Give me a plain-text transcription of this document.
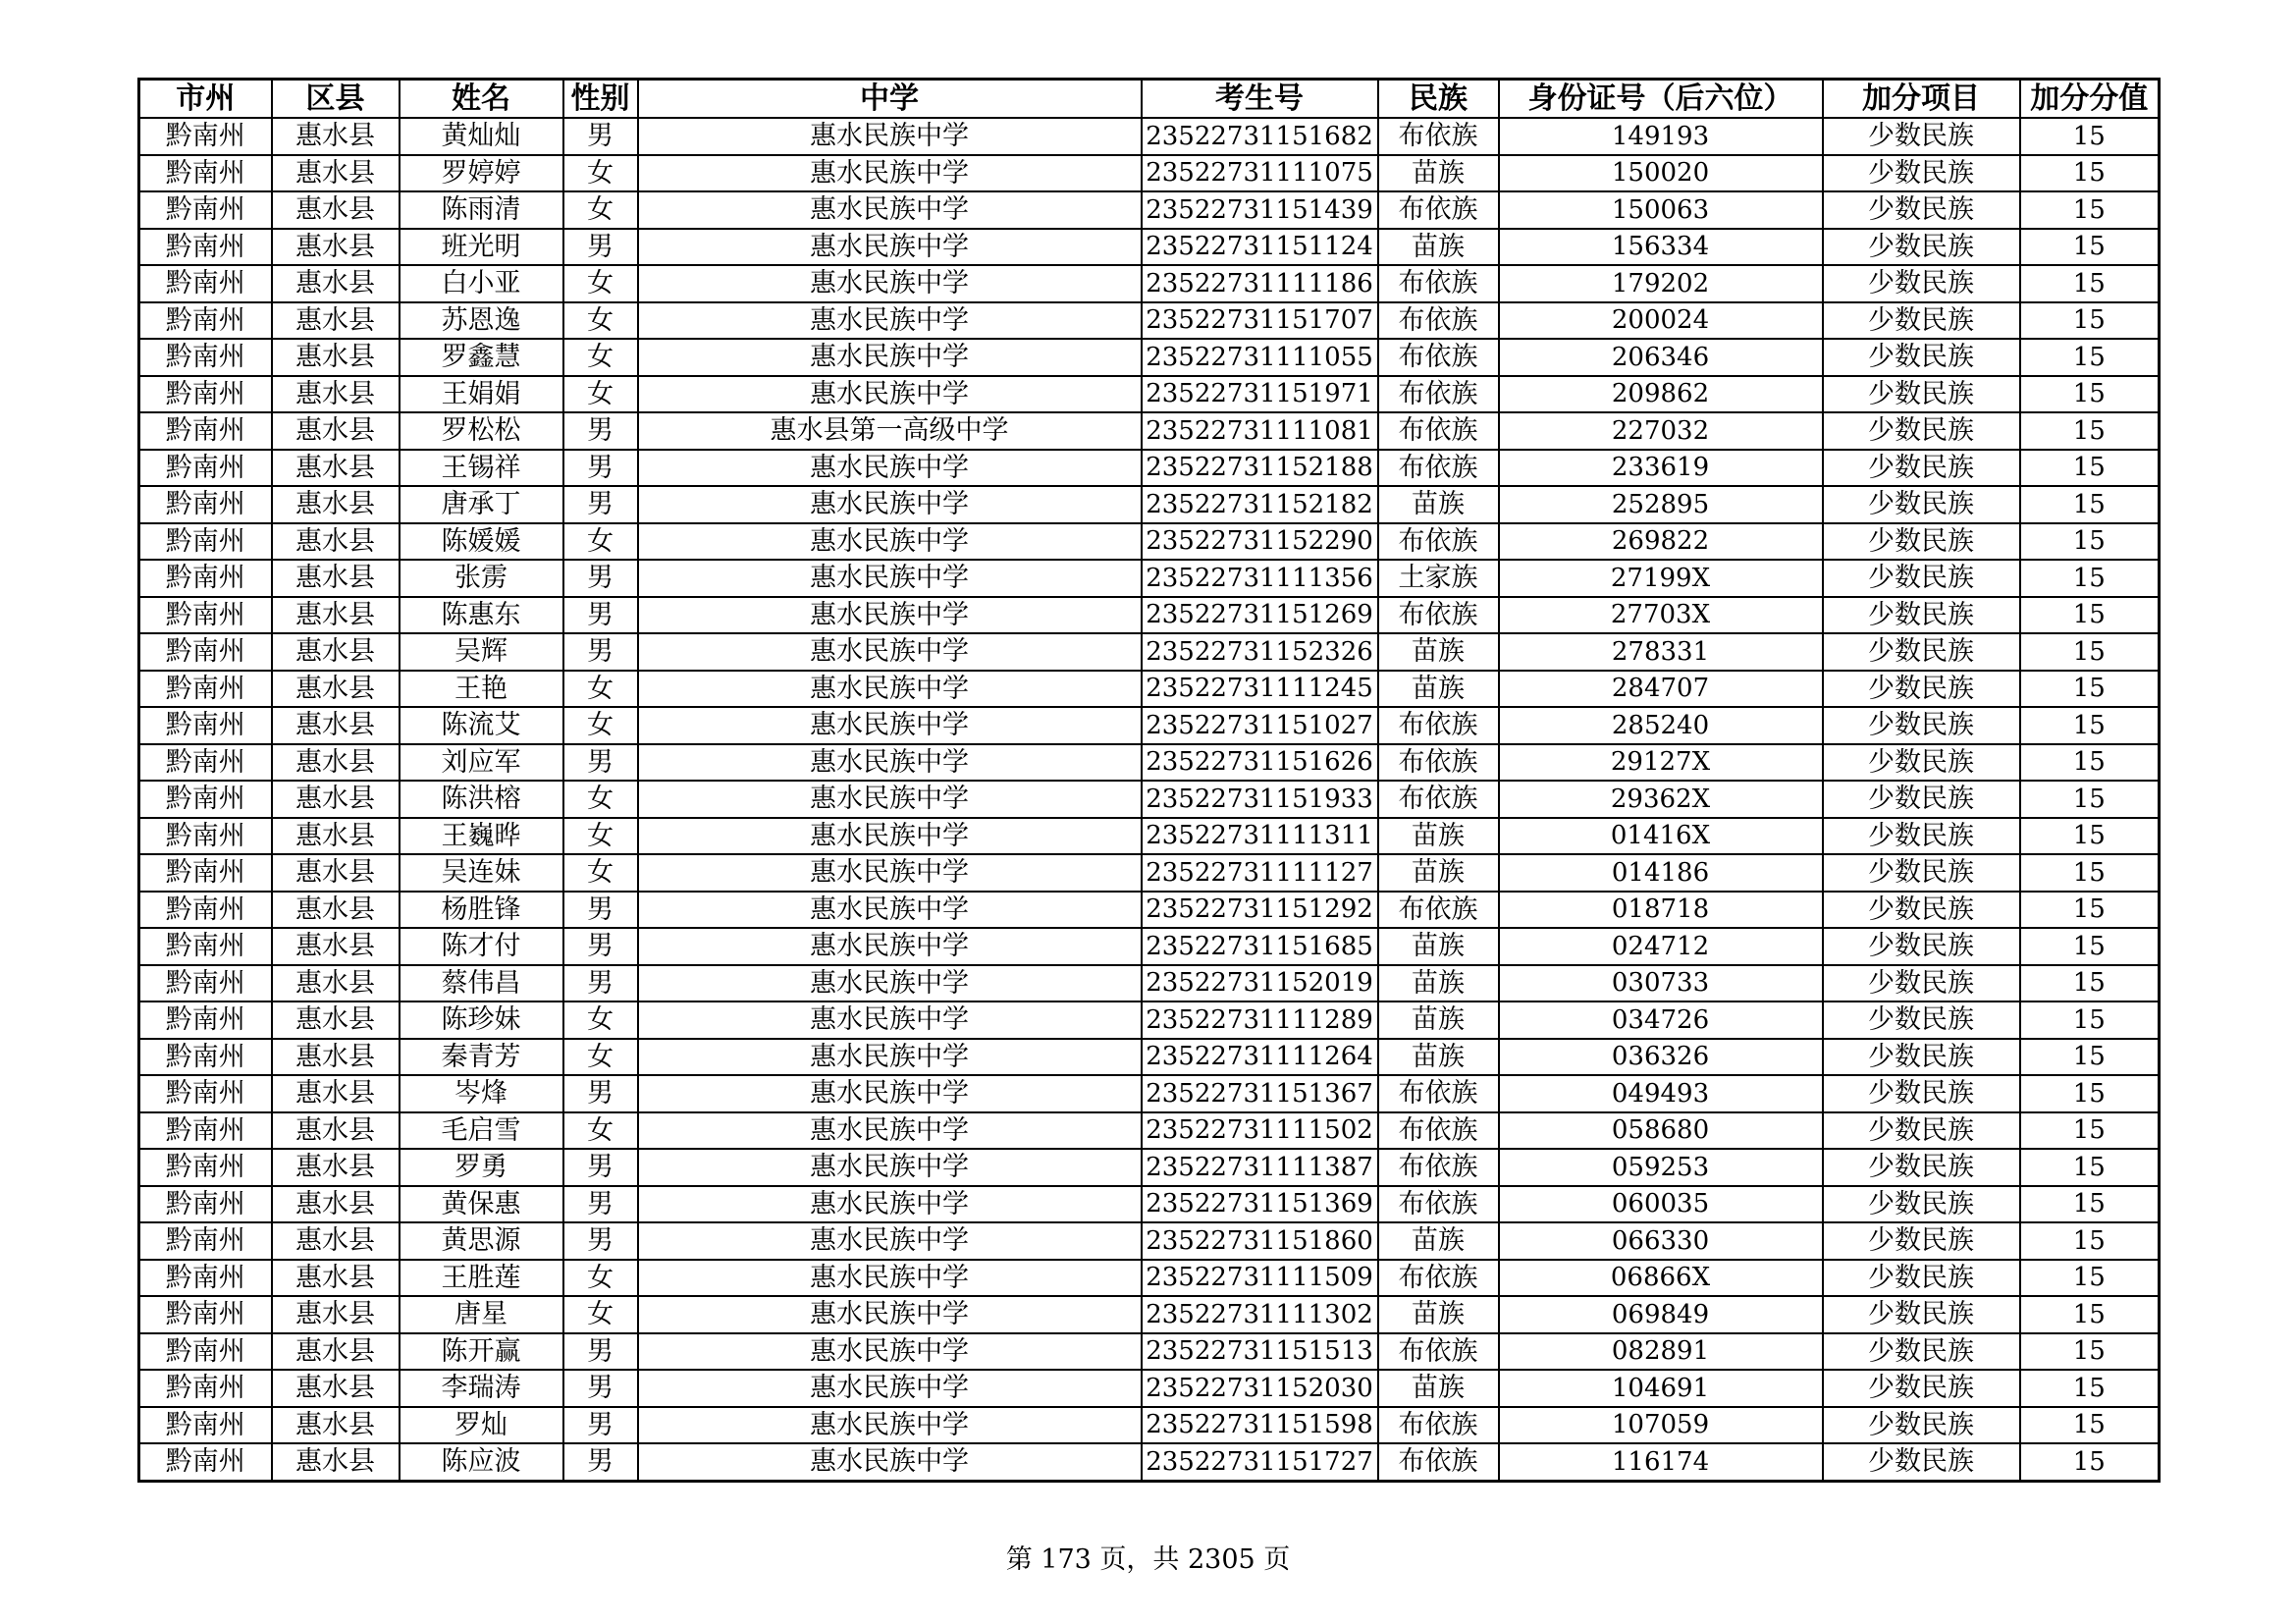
市州	区县	姓名	性别	中学	考生号	民族	身份证号（后六位）	加分项目	加分分值
黔南州	惠水县	黄灿灿	男	惠水民族中学	23522731151682	布依族	149193	少数民族	15
黔南州	惠水县	罗婷婷	女	惠水民族中学	23522731111075	苗族	150020	少数民族	15
黔南州	惠水县	陈雨清	女	惠水民族中学	23522731151439	布依族	150063	少数民族	15
黔南州	惠水县	班光明	男	惠水民族中学	23522731151124	苗族	156334	少数民族	15
黔南州	惠水县	白小亚	女	惠水民族中学	23522731111186	布依族	179202	少数民族	15
黔南州	惠水县	苏恩逸	女	惠水民族中学	23522731151707	布依族	200024	少数民族	15
黔南州	惠水县	罗鑫慧	女	惠水民族中学	23522731111055	布依族	206346	少数民族	15
黔南州	惠水县	王娟娟	女	惠水民族中学	23522731151971	布依族	209862	少数民族	15
黔南州	惠水县	罗松松	男	惠水县第一高级中学	23522731111081	布依族	227032	少数民族	15
黔南州	惠水县	王锡祥	男	惠水民族中学	23522731152188	布依族	233619	少数民族	15
黔南州	惠水县	唐承丁	男	惠水民族中学	23522731152182	苗族	252895	少数民族	15
黔南州	惠水县	陈媛媛	女	惠水民族中学	23522731152290	布依族	269822	少数民族	15
黔南州	惠水县	张雳	男	惠水民族中学	23522731111356	土家族	27199X	少数民族	15
黔南州	惠水县	陈惠东	男	惠水民族中学	23522731151269	布依族	27703X	少数民族	15
黔南州	惠水县	吴辉	男	惠水民族中学	23522731152326	苗族	278331	少数民族	15
黔南州	惠水县	王艳	女	惠水民族中学	23522731111245	苗族	284707	少数民族	15
黔南州	惠水县	陈流艾	女	惠水民族中学	23522731151027	布依族	285240	少数民族	15
黔南州	惠水县	刘应军	男	惠水民族中学	23522731151626	布依族	29127X	少数民族	15
黔南州	惠水县	陈洪榕	女	惠水民族中学	23522731151933	布依族	29362X	少数民族	15
黔南州	惠水县	王巍晔	女	惠水民族中学	23522731111311	苗族	01416X	少数民族	15
黔南州	惠水县	吴连妹	女	惠水民族中学	23522731111127	苗族	014186	少数民族	15
黔南州	惠水县	杨胜锋	男	惠水民族中学	23522731151292	布依族	018718	少数民族	15
黔南州	惠水县	陈才付	男	惠水民族中学	23522731151685	苗族	024712	少数民族	15
黔南州	惠水县	蔡伟昌	男	惠水民族中学	23522731152019	苗族	030733	少数民族	15
黔南州	惠水县	陈珍妹	女	惠水民族中学	23522731111289	苗族	034726	少数民族	15
黔南州	惠水县	秦青芳	女	惠水民族中学	23522731111264	苗族	036326	少数民族	15
黔南州	惠水县	岑烽	男	惠水民族中学	23522731151367	布依族	049493	少数民族	15
黔南州	惠水县	毛启雪	女	惠水民族中学	23522731111502	布依族	058680	少数民族	15
黔南州	惠水县	罗勇	男	惠水民族中学	23522731111387	布依族	059253	少数民族	15
黔南州	惠水县	黄保惠	男	惠水民族中学	23522731151369	布依族	060035	少数民族	15
黔南州	惠水县	黄思源	男	惠水民族中学	23522731151860	苗族	066330	少数民族	15
黔南州	惠水县	王胜莲	女	惠水民族中学	23522731111509	布依族	06866X	少数民族	15
黔南州	惠水县	唐星	女	惠水民族中学	23522731111302	苗族	069849	少数民族	15
黔南州	惠水县	陈开赢	男	惠水民族中学	23522731151513	布依族	082891	少数民族	15
黔南州	惠水县	李瑞涛	男	惠水民族中学	23522731152030	苗族	104691	少数民族	15
黔南州	惠水县	罗灿	男	惠水民族中学	23522731151598	布依族	107059	少数民族	15
黔南州	惠水县	陈应波	男	惠水民族中学	23522731151727	布依族	116174	少数民族	15
第 173 页，共 2305 页
